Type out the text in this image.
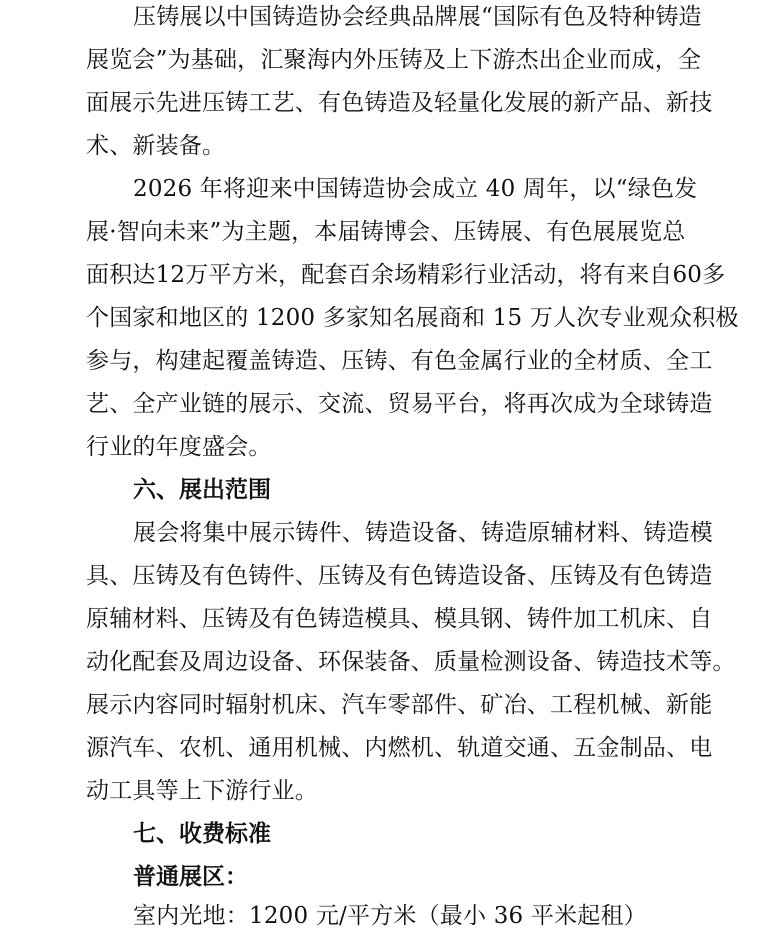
压铸展以中国铸造协会经典品牌展“国际有色及特种铸造
展览会”为基础，汇聚海内外压铸及上下游杰出企业而成，全
面展示先进压铸工艺、有色铸造及轻量化发展的新产品、新技
术、新装备。
2026 年将迎来中国铸造协会成立 40 周年，以“绿色发
展·智向未来”为主题，本届铸博会、压铸展、有色展展览总
面积达12万平方米，配套百余场精彩行业活动，将有来自60多
个国家和地区的 1200 多家知名展商和 15 万人次专业观众积极
参与，构建起覆盖铸造、压铸、有色金属行业的全材质、全工
艺、全产业链的展示、交流、贸易平台，将再次成为全球铸造
行业的年度盛会。
六、展出范围
展会将集中展示铸件、铸造设备、铸造原辅材料、铸造模
具、压铸及有色铸件、压铸及有色铸造设备、压铸及有色铸造
原辅材料、压铸及有色铸造模具、模具钢、铸件加工机床、自
动化配套及周边设备、环保装备、质量检测设备、铸造技术等。
展示内容同时辐射机床、汽车零部件、矿冶、工程机械、新能
源汽车、农机、通用机械、内燃机、轨道交通、五金制品、电
动工具等上下游行业。
七、收费标准
普通展区：
室内光地：1200 元/平方米（最小 36 平米起租）
